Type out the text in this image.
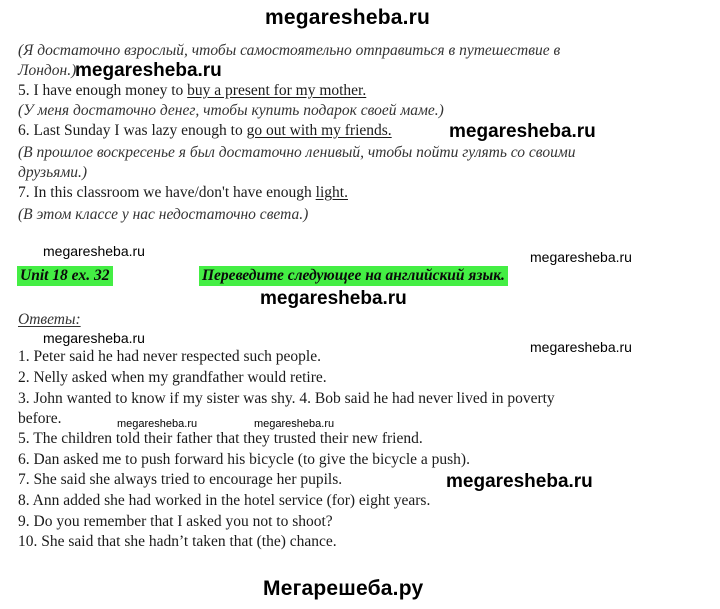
megaresheba.ru
(Я достаточно взрослый, чтобы самостоятельно отправиться в путешествие в
Лондон.)
megaresheba.ru
5. I have enough money to buy a present for my mother.
(У меня достаточно денег, чтобы купить подарок своей маме.)
6. Last Sunday I was lazy enough to go out with my friends.	megaresheba.ru
(В прошлое воскресенье я был достаточно ленивый, чтобы пойти гулять со своими
друзьями.)
7. In this classroom we have/don't have enough light.
(В этом классе у нас недостаточно света.)
megaresheba.ru	megaresheba.ru
Unit 18 ex. 32	Переведите следующее на английский язык.
megaresheba.ru
Ответы:
megaresheba.ru
megaresheba.ru
1. Peter said he had never respected such people.
2. Nelly asked when my grandfather would retire.
3. John wanted to know if my sister was shy. 4. Bob said he had never lived in poverty
before.	megaresheba.ru	megaresheba.ru
5. The children told their father that they trusted their new friend.
6. Dan asked me to push forward his bicycle (to give the bicycle a push).
7. She said she always tried to encourage her pupils.	megaresheba.ru
8. Ann added she had worked in the hotel service (for) eight years.
9. Do you remember that I asked you not to shoot?
10. She said that she hadn’t taken that (the) chance.
Мегарешеба.ру
